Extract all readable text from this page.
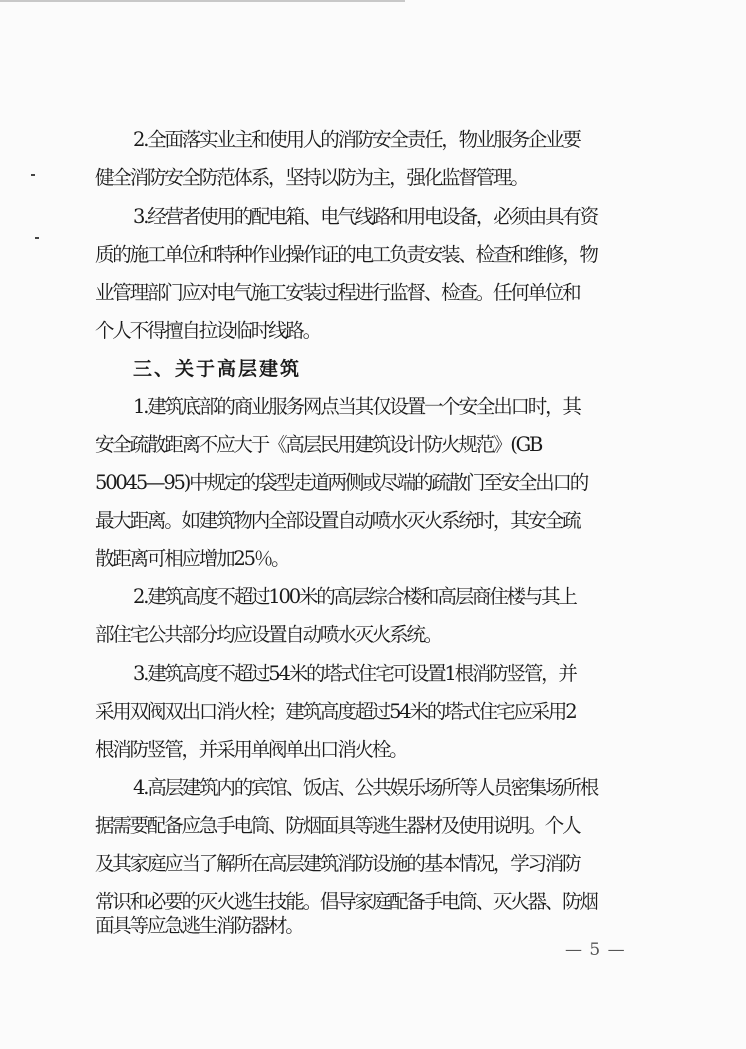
2.全面落实业主和使用人的消防安全责任，物业服务企业要
健全消防安全防范体系，坚持以防为主，强化监督管理。
3.经营者使用的配电箱、电气线路和用电设备，必须由具有资
质的施工单位和特种作业操作证的电工负责安装、检查和维修，物
业管理部门应对电气施工安装过程进行监督、检查。任何单位和
个人不得擅自拉设临时线路。
三、关于高层建筑
1.建筑底部的商业服务网点当其仅设置一个安全出口时，其
安全疏散距离不应大于《高层民用建筑设计防火规范》(GB
50045—95)中规定的袋型走道两侧或尽端的疏散门至安全出口的
最大距离。如建筑物内全部设置自动喷水灭火系统时，其安全疏
散距离可相应增加25％。
2.建筑高度不超过100米的高层综合楼和高层商住楼与其上
部住宅公共部分均应设置自动喷水灭火系统。
3.建筑高度不超过54米的塔式住宅可设置1根消防竖管，并
采用双阀双出口消火栓；建筑高度超过54米的塔式住宅应采用2
根消防竖管，并采用单阀单出口消火栓。
4.高层建筑内的宾馆、饭店、公共娱乐场所等人员密集场所根
据需要配备应急手电筒、防烟面具等逃生器材及使用说明。个人
及其家庭应当了解所在高层建筑消防设施的基本情况，学习消防
常识和必要的灭火逃生技能。倡导家庭配备手电筒、灭火器、防烟
面具等应急逃生消防器材。
— 5 —
